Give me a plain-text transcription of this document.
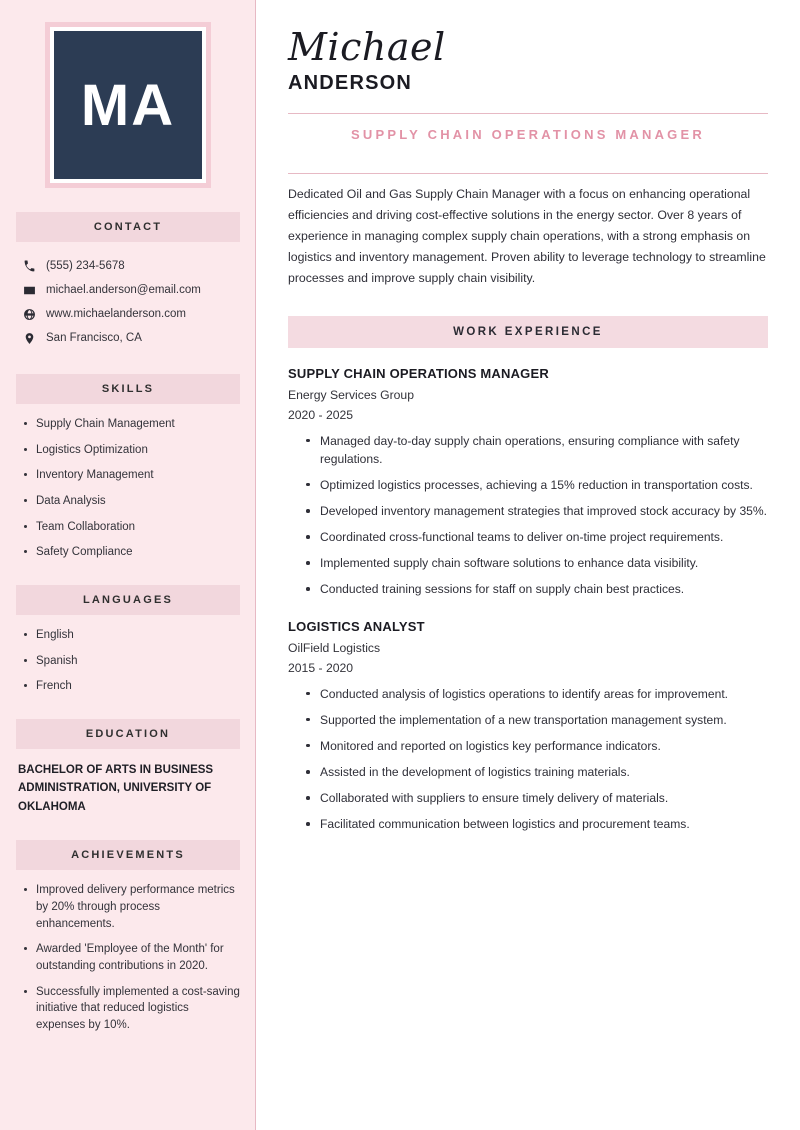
MA
CONTACT
(555) 234-5678
michael.anderson@email.com
www.michaelanderson.com
San Francisco, CA
SKILLS
Supply Chain Management
Logistics Optimization
Inventory Management
Data Analysis
Team Collaboration
Safety Compliance
LANGUAGES
English
Spanish
French
EDUCATION
BACHELOR OF ARTS IN BUSINESS ADMINISTRATION, UNIVERSITY OF OKLAHOMA
ACHIEVEMENTS
Improved delivery performance metrics by 20% through process enhancements.
Awarded 'Employee of the Month' for outstanding contributions in 2020.
Successfully implemented a cost-saving initiative that reduced logistics expenses by 10%.
Michael
ANDERSON
SUPPLY CHAIN OPERATIONS MANAGER

Dedicated Oil and Gas Supply Chain Manager with a focus on enhancing operational efficiencies and driving cost-effective solutions in the energy sector. Over 8 years of experience in managing complex supply chain operations, with a strong emphasis on logistics and inventory management. Proven ability to leverage technology to streamline processes and improve supply chain visibility.

WORK EXPERIENCE
SUPPLY CHAIN OPERATIONS MANAGER
Energy Services Group
2020 - 2025
Managed day-to-day supply chain operations, ensuring compliance with safety regulations.
Optimized logistics processes, achieving a 15% reduction in transportation costs.
Developed inventory management strategies that improved stock accuracy by 35%.
Coordinated cross-functional teams to deliver on-time project requirements.
Implemented supply chain software solutions to enhance data visibility.
Conducted training sessions for staff on supply chain best practices.
LOGISTICS ANALYST
OilField Logistics
2015 - 2020
Conducted analysis of logistics operations to identify areas for improvement.
Supported the implementation of a new transportation management system.
Monitored and reported on logistics key performance indicators.
Assisted in the development of logistics training materials.
Collaborated with suppliers to ensure timely delivery of materials.
Facilitated communication between logistics and procurement teams.
